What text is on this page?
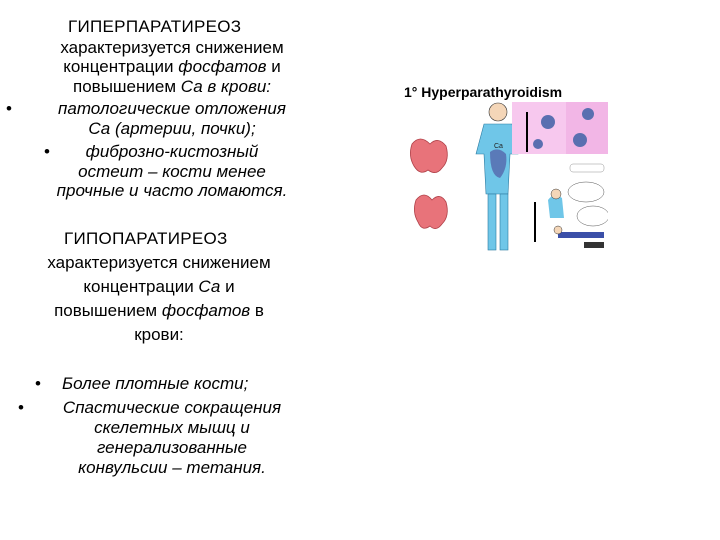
ГИПЕРПАРАТИРЕОЗ
характеризуется снижением
концентрации фосфатов и
повышением Са в крови:
•	патологические отложения
Са (артерии, почки);
•	фиброзно-кистозный
остеит – кости менее
прочные и часто ломаются.
ГИПОПАРАТИРЕОЗ
характеризуется снижением
концентрации Са и
повышением фосфатов в
крови:
• Более плотные кости;
•	Спастические сокращения
скелетных мышц и
генерализованные
конвульсии – тетания.
1° Hyperparathyroidism
Ca
